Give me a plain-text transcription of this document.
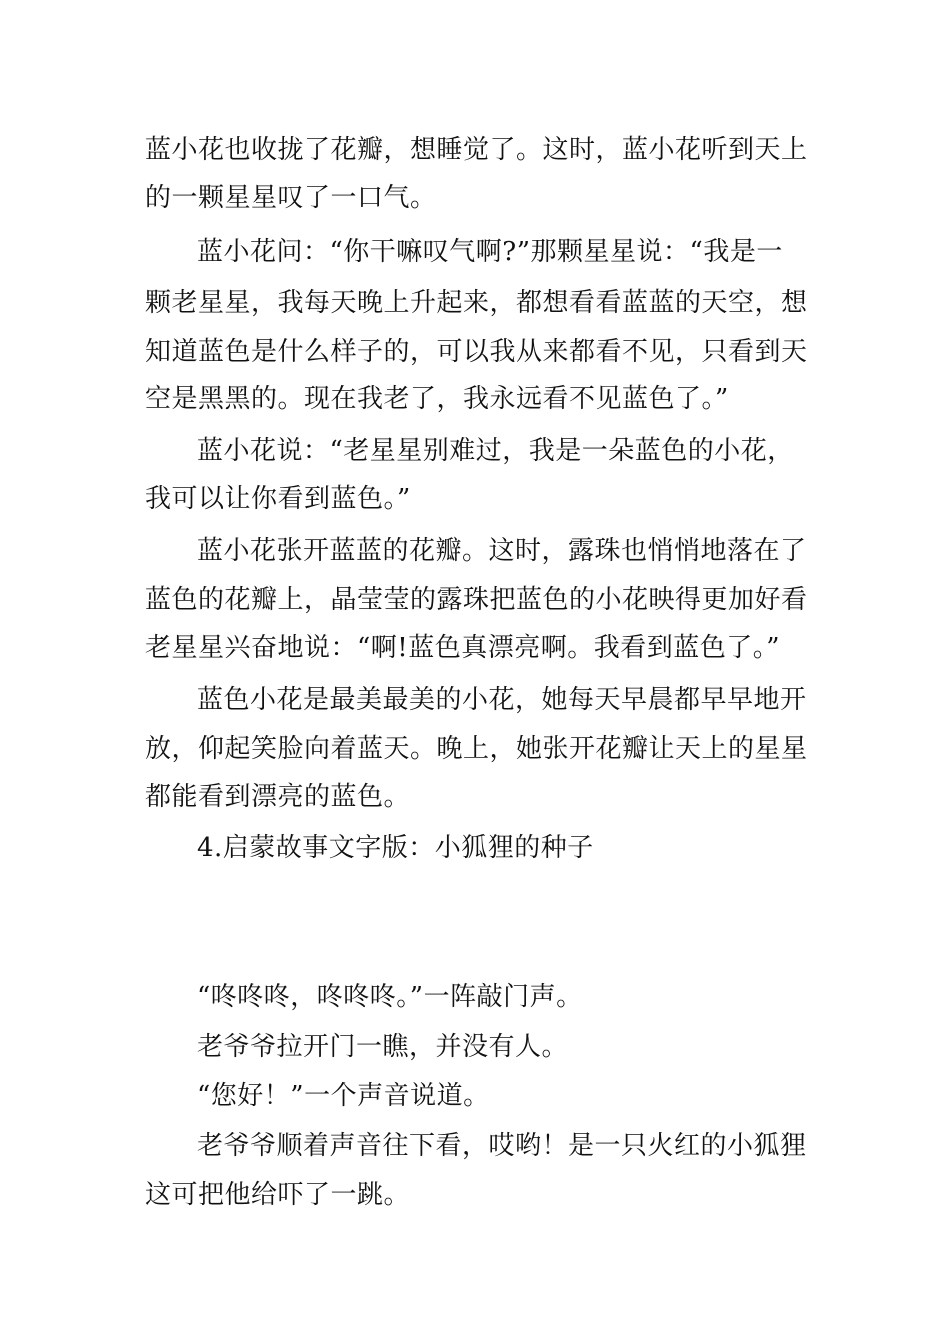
蓝小花也收拢了花瓣，想睡觉了。这时，蓝小花听到天上
的一颗星星叹了一口气。
蓝小花问：“你干嘛叹气啊?”那颗星星说：“我是一
颗老星星，我每天晚上升起来，都想看看蓝蓝的天空，想
知道蓝色是什么样子的，可以我从来都看不见，只看到天
空是黑黑的。现在我老了，我永远看不见蓝色了。”
蓝小花说：“老星星别难过，我是一朵蓝色的小花，
我可以让你看到蓝色。”
蓝小花张开蓝蓝的花瓣。这时，露珠也悄悄地落在了
蓝色的花瓣上，晶莹莹的露珠把蓝色的小花映得更加好看
老星星兴奋地说：“啊!蓝色真漂亮啊。我看到蓝色了。”
蓝色小花是最美最美的小花，她每天早晨都早早地开
放，仰起笑脸向着蓝天。晚上，她张开花瓣让天上的星星
都能看到漂亮的蓝色。
4.启蒙故事文字版：小狐狸的种子
“咚咚咚，咚咚咚。”一阵敲门声。
老爷爷拉开门一瞧，并没有人。
“您好！”一个声音说道。
老爷爷顺着声音往下看，哎哟！是一只火红的小狐狸
这可把他给吓了一跳。
